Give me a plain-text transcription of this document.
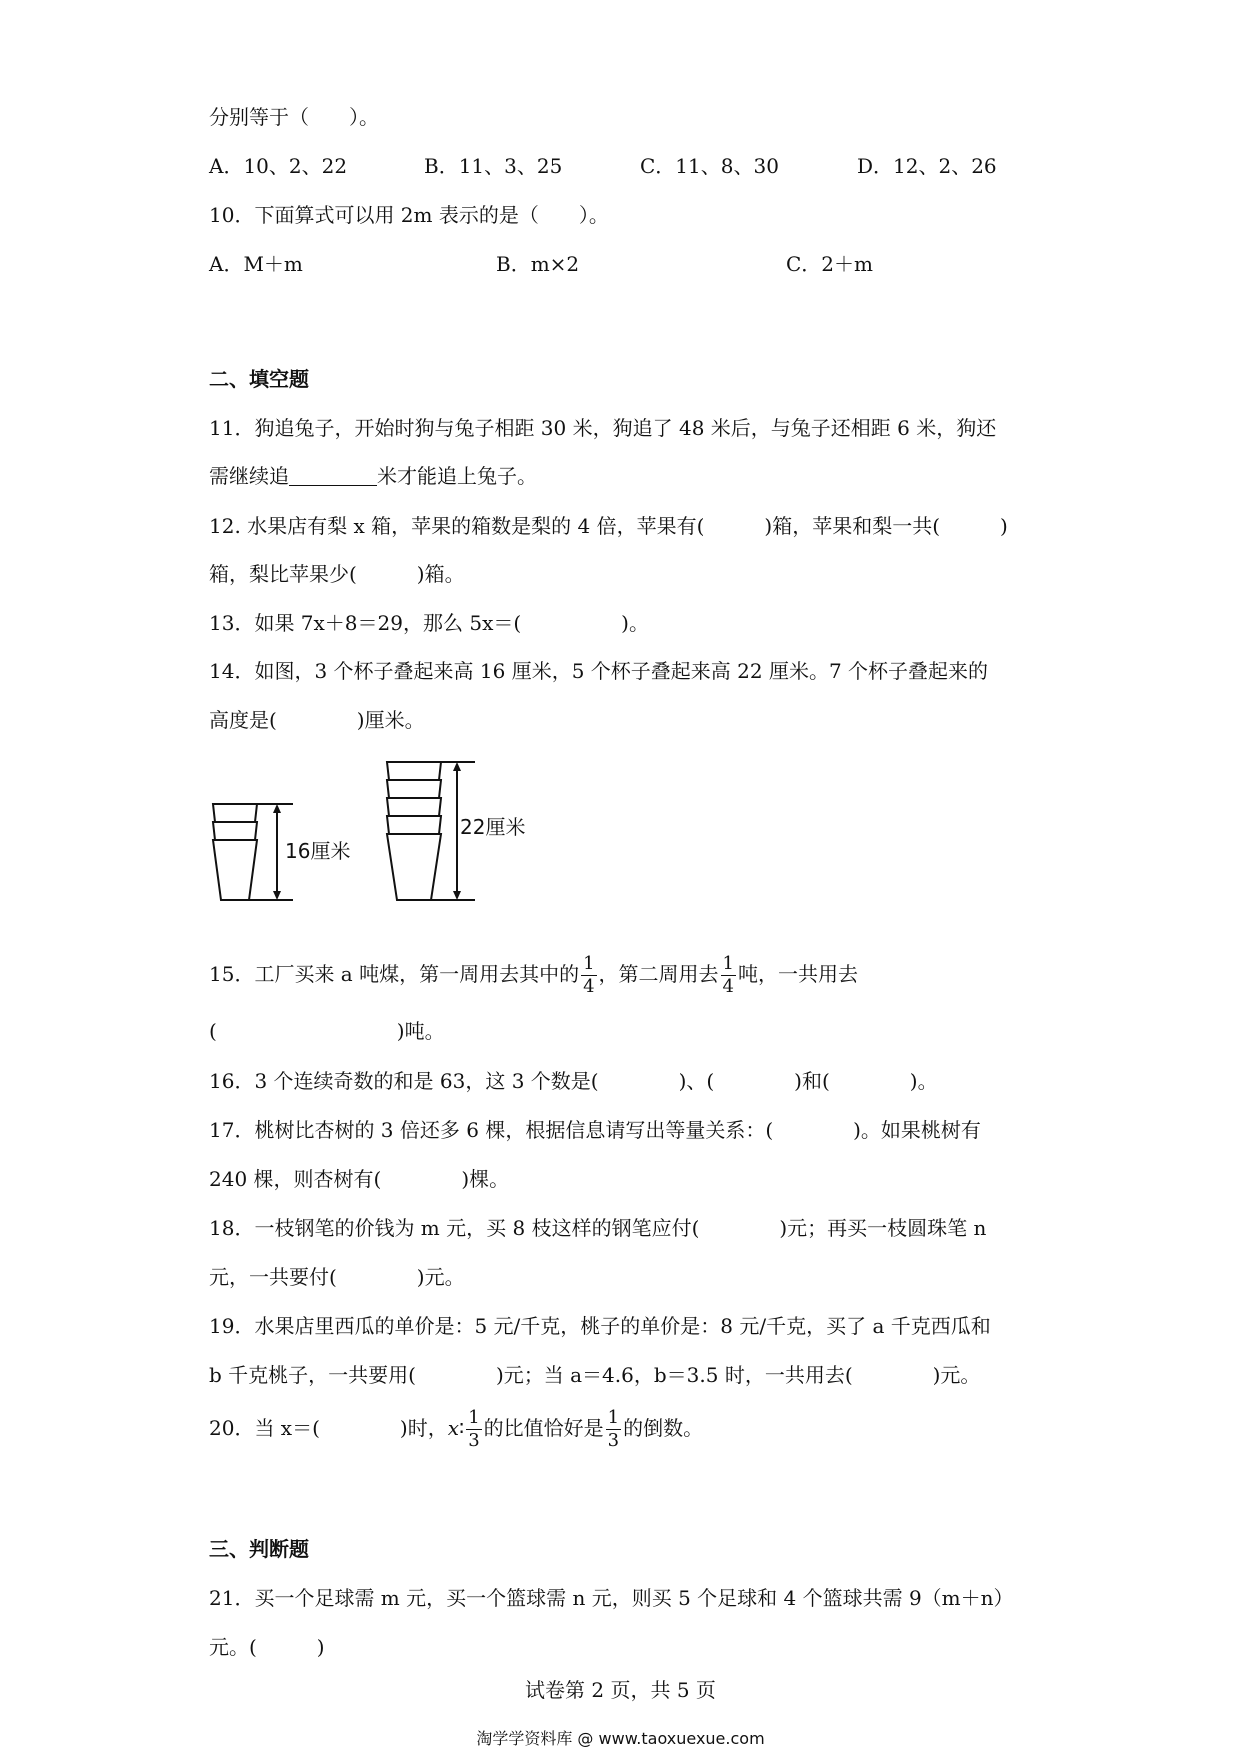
分别等于（　　）。
A．10、2、22	B．11、3、25	C．11、8、30	D．12、2、26
10．下面算式可以用 2m 表示的是（　　）。
A．M＋m	B．m×2	C．2＋m
二、填空题
11．狗追兔子，开始时狗与兔子相距 30 米，狗追了 48 米后，与兔子还相距 6 米，狗还
需继续追	米才能追上兔子。
12. 水果店有梨 x 箱，苹果的箱数是梨的 4 倍，苹果有(　　　)箱，苹果和梨一共(　　　)
箱，梨比苹果少(　　　)箱。
13．如果 7x＋8＝29，那么 5x＝(　　　　　)。
14．如图，3 个杯子叠起来高 16 厘米，5 个杯子叠起来高 22 厘米。7 个杯子叠起来的
高度是(　　　　)厘米。
16厘米
22厘米
15．工厂买来 a 吨煤，第一周用去其中的 $\frac{1}{4}$ ，第二周用去 $\frac{1}{4}$ 吨，一共用去
(　　　　　　　　　)吨。
16．3 个连续奇数的和是 63，这 3 个数是(　　　　)、(　　　　)和(　　　　)。
17．桃树比杏树的 3 倍还多 6 棵，根据信息请写出等量关系：(　　　　)。如果桃树有
240 棵，则杏树有(　　　　)棵。
18．一枝钢笔的价钱为 m 元，买 8 枝这样的钢笔应付(　　　　)元；再买一枝圆珠笔 n
元，一共要付(　　　　)元。
19．水果店里西瓜的单价是：5 元/千克，桃子的单价是：8 元/千克，买了 a 千克西瓜和
b 千克桃子，一共要用(　　　　)元；当 a＝4.6，b＝3.5 时，一共用去(　　　　)元。
20．当 x＝(　　　　)时，x∶ $\frac{1}{3}$ 的比值恰好是 $\frac{1}{3}$ 的倒数。
三、判断题
21．买一个足球需 m 元，买一个篮球需 n 元，则买 5 个足球和 4 个篮球共需 9（m＋n）
元。(　　　)
试卷第 2 页，共 5 页
淘学学资料库 @ www.taoxuexue.com
